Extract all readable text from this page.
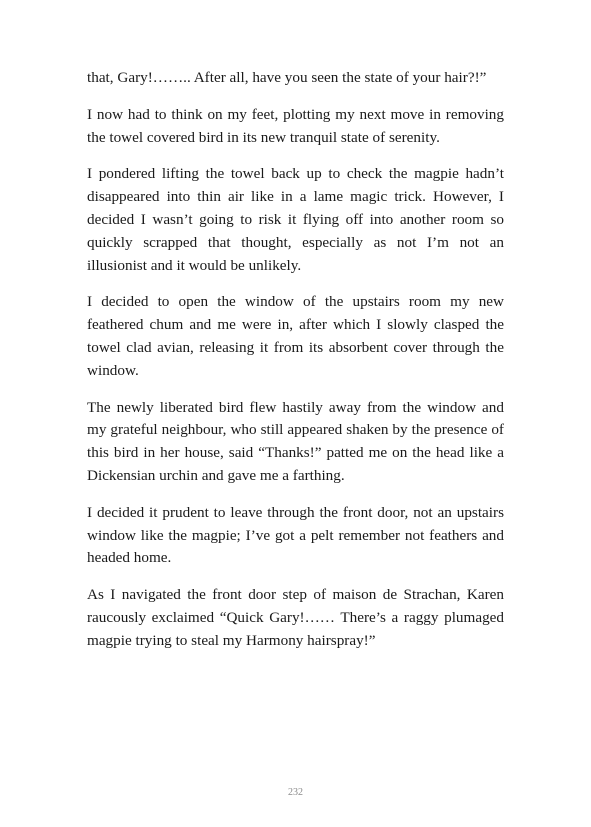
that, Gary!…….. After all, have you seen the state of your hair?!”

I now had to think on my feet, plotting my next move in removing the towel covered bird in its new tranquil state of serenity.

I pondered lifting the towel back up to check the magpie hadn’t disappeared into thin air like in a lame magic trick. However, I decided I wasn’t going to risk it flying off into another room so quickly scrapped that thought, especially as not I’m not an illusionist and it would be unlikely.

I decided to open the window of the upstairs room my new feathered chum and me were in, after which I slowly clasped the towel clad avian, releasing it from its absorbent cover through the window.

The newly liberated bird flew hastily away from the window and my grateful neighbour, who still appeared shaken by the presence of this bird in her house, said “Thanks!” patted me on the head like a Dickensian urchin and gave me a farthing.

I decided it prudent to leave through the front door, not an upstairs window like the magpie; I’ve got a pelt remember not feathers and headed home.

As I navigated the front door step of maison de Strachan, Karen raucously exclaimed “Quick Gary!…… There’s a raggy plumaged magpie trying to steal my Harmony hairspray!”

232
